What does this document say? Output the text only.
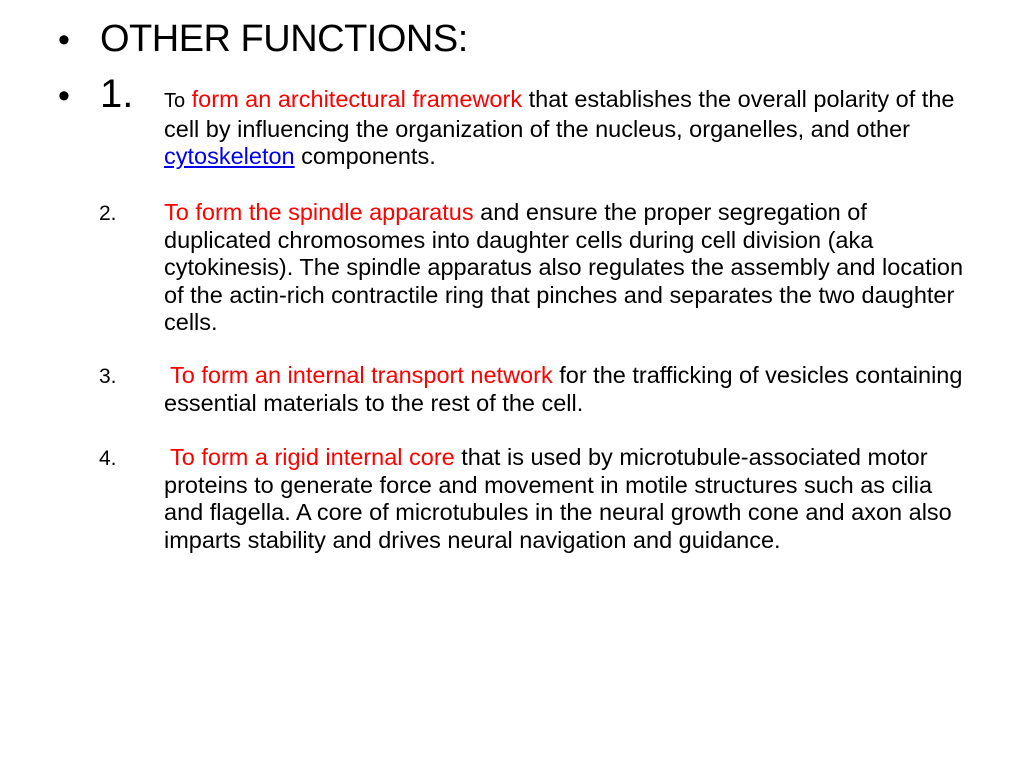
• OTHER FUNCTIONS:
• 1.	To form an architectural framework that establishes the overall polarity of the cell by influencing the organization of the nucleus, organelles, and other cytoskeleton components.
2. To form the spindle apparatus and ensure the proper segregation of duplicated chromosomes into daughter cells during cell division (aka cytokinesis). The spindle apparatus also regulates the assembly and location of the actin-rich contractile ring that pinches and separates the two daughter cells.
3. To form an internal transport network for the trafficking of vesicles containing essential materials to the rest of the cell.
4. To form a rigid internal core that is used by microtubule-associated motor proteins to generate force and movement in motile structures such as cilia and flagella. A core of microtubules in the neural growth cone and axon also imparts stability and drives neural navigation and guidance.
